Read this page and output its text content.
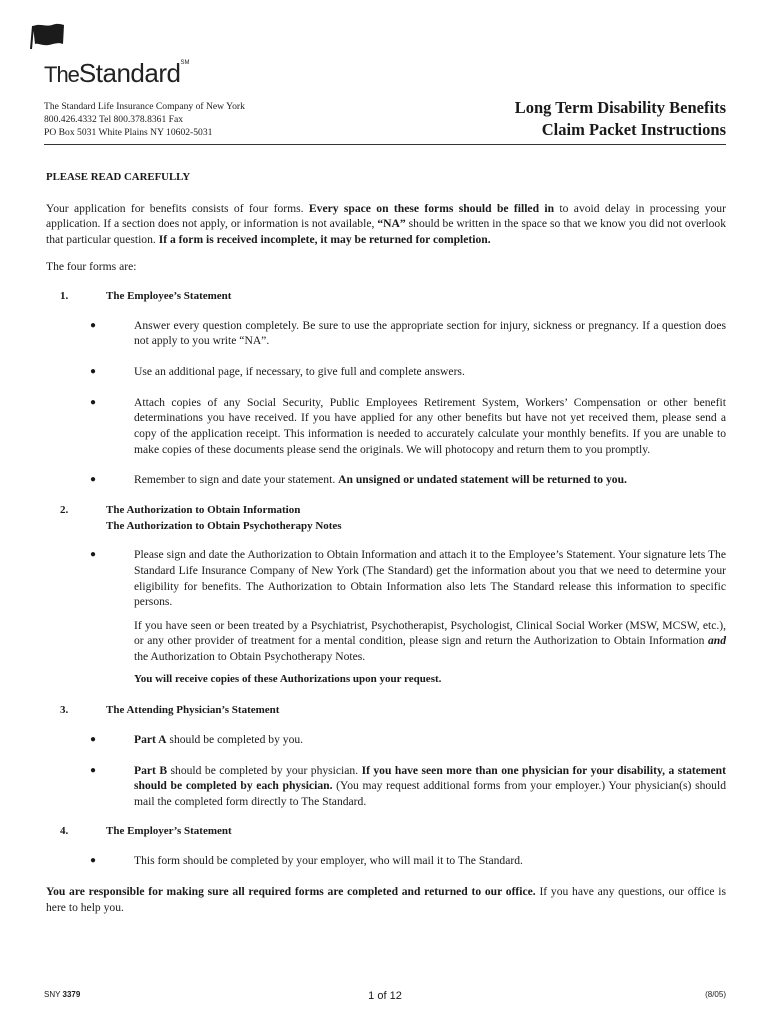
TheStandard℠
The Standard Life Insurance Company of New York
800.426.4332 Tel 800.378.8361 Fax
PO Box 5031 White Plains NY 10602-5031
Long Term Disability Benefits
Claim Packet Instructions
PLEASE READ CAREFULLY

Your application for benefits consists of four forms. Every space on these forms should be filled in to avoid delay in processing your application. If a section does not apply, or information is not available, “NA” should be written in the space so that we know you did not overlook that particular question. If a form is received incomplete, it may be returned for completion.

The four forms are:

1.	The Employee’s Statement
●	Answer every question completely. Be sure to use the appropriate section for injury, sickness or pregnancy. If a question does not apply to you write “NA”.
●	Use an additional page, if necessary, to give full and complete answers.
●	Attach copies of any Social Security, Public Employees Retirement System, Workers’ Compensation or other benefit determinations you have received. If you have applied for any other benefits but have not yet received them, please send a copy of the application receipt. This information is needed to accurately calculate your monthly benefits. If you are unable to make copies of these documents please send the originals. We will photocopy and return them to you promptly.
●	Remember to sign and date your statement. An unsigned or undated statement will be returned to you.
2.	The Authorization to Obtain Information
The Authorization to Obtain Psychotherapy Notes
●	Please sign and date the Authorization to Obtain Information and attach it to the Employee’s Statement. Your signature lets The Standard Life Insurance Company of New York (The Standard) get the information about you that we need to determine your eligibility for benefits. The Authorization to Obtain Information also lets The Standard release this information to specific persons.

If you have seen or been treated by a Psychiatrist, Psychotherapist, Psychologist, Clinical Social Worker (MSW, MCSW, etc.), or any other provider of treatment for a mental condition, please sign and return the Authorization to Obtain Information and the Authorization to Obtain Psychotherapy Notes.

You will receive copies of these Authorizations upon your request.

3.	The Attending Physician’s Statement
●	Part A should be completed by you.
●	Part B should be completed by your physician. If you have seen more than one physician for your disability, a statement should be completed by each physician. (You may request additional forms from your employer.) Your physician(s) should mail the completed form directly to The Standard.
4.	The Employer’s Statement
●	This form should be completed by your employer, who will mail it to The Standard.

You are responsible for making sure all required forms are completed and returned to our office. If you have any questions, our office is here to help you.

SNY 3379	1 of 12	(8/05)
